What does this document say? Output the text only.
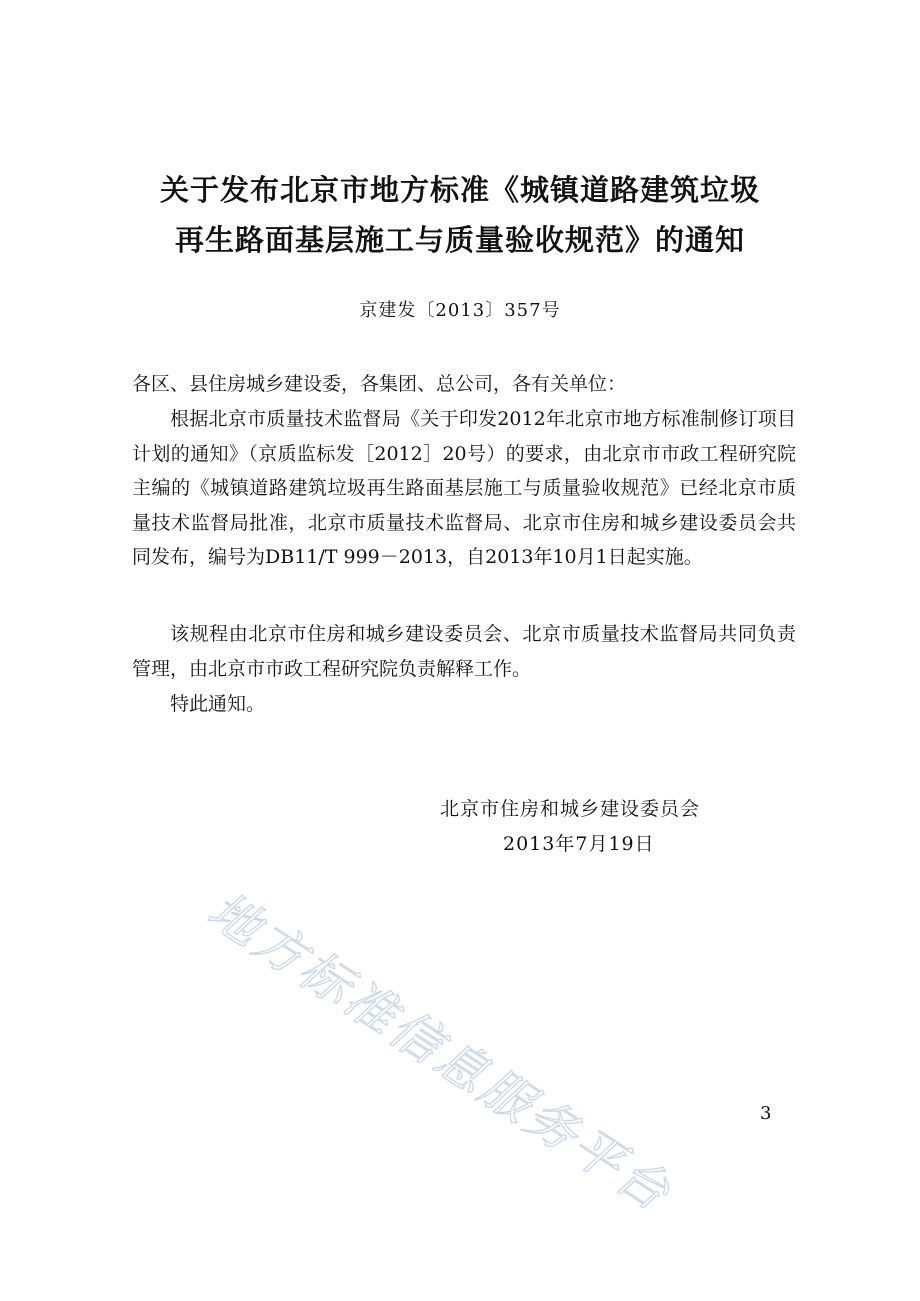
关于发布北京市地方标准《城镇道路建筑垃圾
再生路面基层施工与质量验收规范》的通知
京建发〔2013〕357号
各区、县住房城乡建设委，各集团、总公司，各有关单位：
根据北京市质量技术监督局《关于印发2012年北京市地方标准制修订项目计划的通知》（京质监标发［2012］20号）的要求，由北京市市政工程研究院主编的《城镇道路建筑垃圾再生路面基层施工与质量验收规范》已经北京市质量技术监督局批准，北京市质量技术监督局、北京市住房和城乡建设委员会共同发布，编号为DB11/T 999－2013，自2013年10月1日起实施。
该规程由北京市住房和城乡建设委员会、北京市质量技术监督局共同负责管理，由北京市市政工程研究院负责解释工作。
特此通知。
北京市住房和城乡建设委员会
2013年7月19日
地方标准信息服务平台	3
